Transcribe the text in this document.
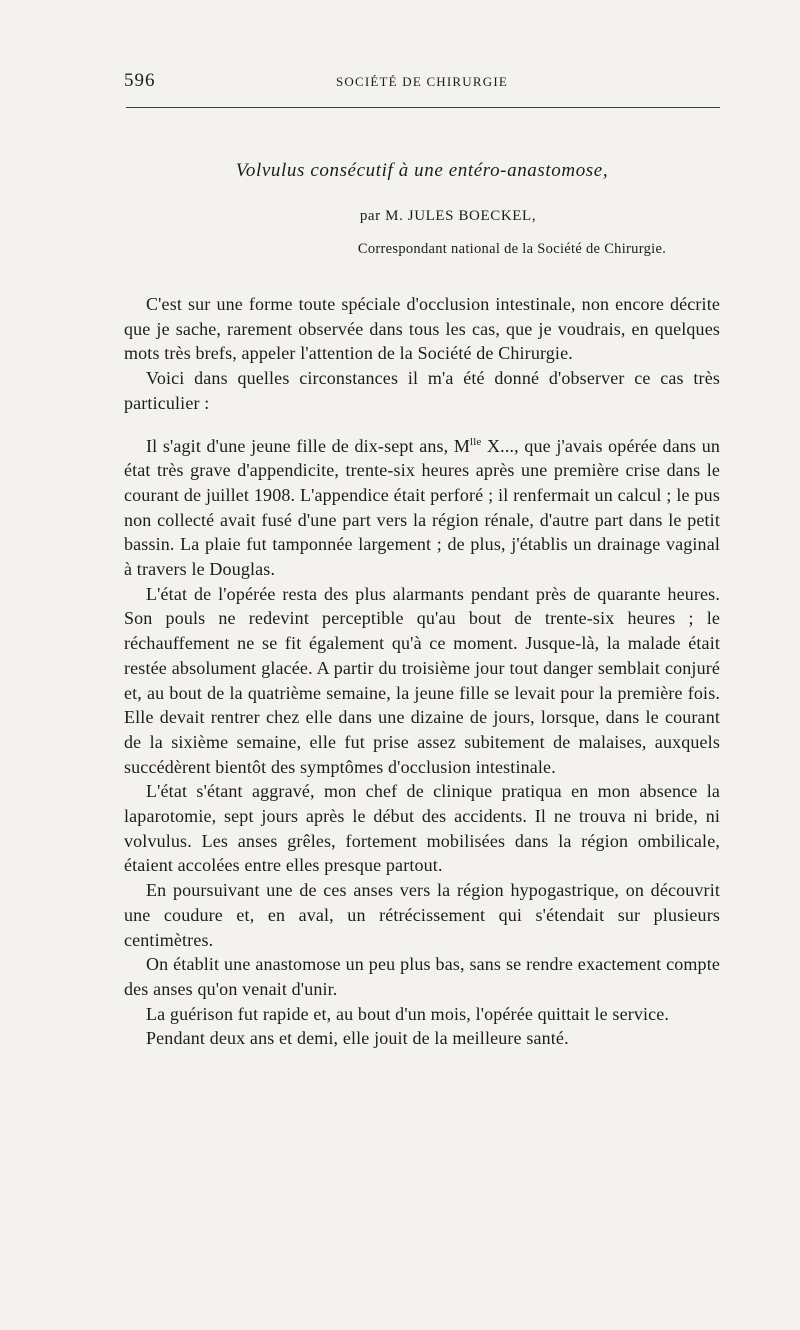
596	SOCIÉTÉ DE CHIRURGIE
Volvulus consécutif à une entéro-anastomose,
par M. JULES BOECKEL,
Correspondant national de la Société de Chirurgie.

C'est sur une forme toute spéciale d'occlusion intestinale, non encore décrite que je sache, rarement observée dans tous les cas, que je voudrais, en quelques mots très brefs, appeler l'attention de la Société de Chirurgie.

Voici dans quelles circonstances il m'a été donné d'observer ce cas très particulier :

Il s'agit d'une jeune fille de dix-sept ans, $M^{lle}$ X..., que j'avais opérée dans un état très grave d'appendicite, trente-six heures après une première crise dans le courant de juillet 1908. L'appendice était perforé ; il renfermait un calcul ; le pus non collecté avait fusé d'une part vers la région rénale, d'autre part dans le petit bassin. La plaie fut tamponnée largement ; de plus, j'établis un drainage vaginal à travers le Douglas.

L'état de l'opérée resta des plus alarmants pendant près de quarante heures. Son pouls ne redevint perceptible qu'au bout de trente-six heures ; le réchauffement ne se fit également qu'à ce moment. Jusque-là, la malade était restée absolument glacée. A partir du troisième jour tout danger semblait conjuré et, au bout de la quatrième semaine, la jeune fille se levait pour la première fois. Elle devait rentrer chez elle dans une dizaine de jours, lorsque, dans le courant de la sixième semaine, elle fut prise assez subitement de malaises, auxquels succédèrent bientôt des symptômes d'occlusion intestinale.

L'état s'étant aggravé, mon chef de clinique pratiqua en mon absence la laparotomie, sept jours après le début des accidents. Il ne trouva ni bride, ni volvulus. Les anses grêles, fortement mobilisées dans la région ombilicale, étaient accolées entre elles presque partout.

En poursuivant une de ces anses vers la région hypogastrique, on découvrit une coudure et, en aval, un rétrécissement qui s'étendait sur plusieurs centimètres.

On établit une anastomose un peu plus bas, sans se rendre exactement compte des anses qu'on venait d'unir.

La guérison fut rapide et, au bout d'un mois, l'opérée quittait le service.

Pendant deux ans et demi, elle jouit de la meilleure santé.
